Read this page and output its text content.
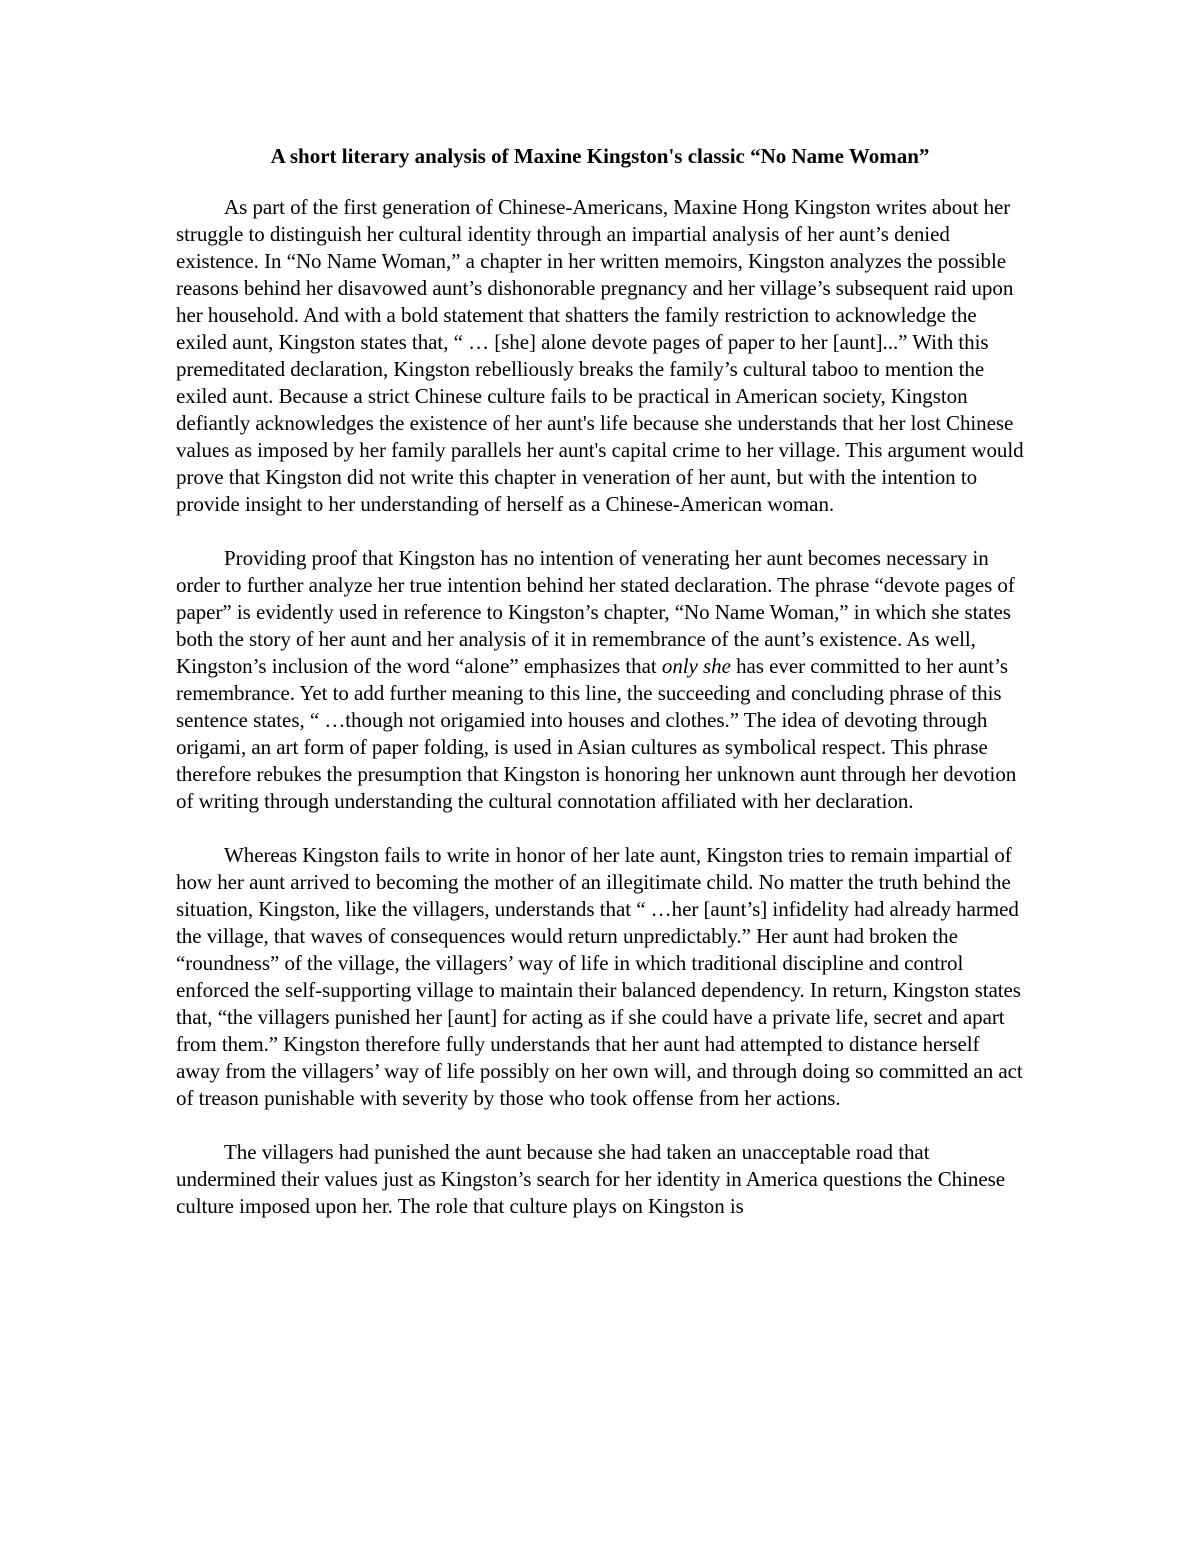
A short literary analysis of Maxine Kingston's classic “No Name Woman”

As part of the first generation of Chinese-Americans, Maxine Hong Kingston writes about her struggle to distinguish her cultural identity through an impartial analysis of her aunt’s denied existence. In “No Name Woman,” a chapter in her written memoirs, Kingston analyzes the possible reasons behind her disavowed aunt’s dishonorable pregnancy and her village’s subsequent raid upon her household. And with a bold statement that shatters the family restriction to acknowledge the exiled aunt, Kingston states that, “ … [she] alone devote pages of paper to her [aunt]...” With this premeditated declaration, Kingston rebelliously breaks the family’s cultural taboo to mention the exiled aunt. Because a strict Chinese culture fails to be practical in American society, Kingston defiantly acknowledges the existence of her aunt's life because she understands that her lost Chinese values as imposed by her family parallels her aunt's capital crime to her village. This argument would prove that Kingston did not write this chapter in veneration of her aunt, but with the intention to provide insight to her understanding of herself as a Chinese-American woman.

Providing proof that Kingston has no intention of venerating her aunt becomes necessary in order to further analyze her true intention behind her stated declaration. The phrase “devote pages of paper” is evidently used in reference to Kingston’s chapter, “No Name Woman,” in which she states both the story of her aunt and her analysis of it in remembrance of the aunt’s existence. As well, Kingston’s inclusion of the word “alone” emphasizes that only she has ever committed to her aunt’s remembrance. Yet to add further meaning to this line, the succeeding and concluding phrase of this sentence states, “ …though not origamied into houses and clothes.” The idea of devoting through origami, an art form of paper folding, is used in Asian cultures as symbolical respect. This phrase therefore rebukes the presumption that Kingston is honoring her unknown aunt through her devotion of writing through understanding the cultural connotation affiliated with her declaration.

Whereas Kingston fails to write in honor of her late aunt, Kingston tries to remain impartial of how her aunt arrived to becoming the mother of an illegitimate child. No matter the truth behind the situation, Kingston, like the villagers, understands that “ …her [aunt’s] infidelity had already harmed the village, that waves of consequences would return unpredictably.” Her aunt had broken the “roundness” of the village, the villagers’ way of life in which traditional discipline and control enforced the self-supporting village to maintain their balanced dependency. In return, Kingston states that, “the villagers punished her [aunt] for acting as if she could have a private life, secret and apart from them.” Kingston therefore fully understands that her aunt had attempted to distance herself away from the villagers’ way of life possibly on her own will, and through doing so committed an act of treason punishable with severity by those who took offense from her actions.

The villagers had punished the aunt because she had taken an unacceptable road that undermined their values just as Kingston’s search for her identity in America questions the Chinese culture imposed upon her. The role that culture plays on Kingston is
